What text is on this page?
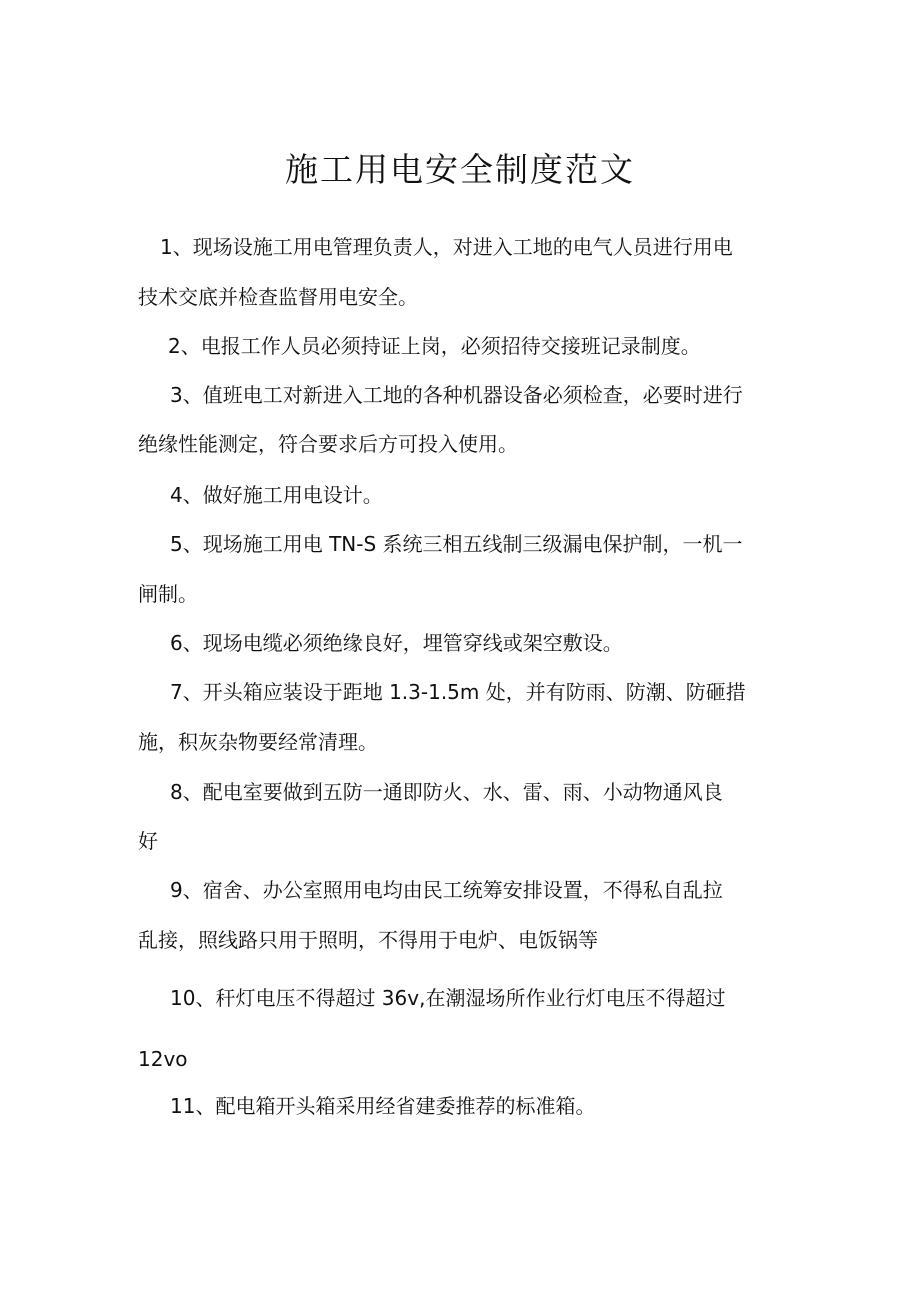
施工用电安全制度范文
1、现场设施工用电管理负责人，对进入工地的电气人员进行用电
技术交底并检查监督用电安全。
2、电报工作人员必须持证上岗，必须招待交接班记录制度。
3、值班电工对新进入工地的各种机器设备必须检查，必要时进行
绝缘性能测定，符合要求后方可投入使用。
4、做好施工用电设计。
5、现场施工用电 TN-S 系统三相五线制三级漏电保护制，一机一
闸制。
6、现场电缆必须绝缘良好，埋管穿线或架空敷设。
7、开头箱应装设于距地 1.3-1.5m 处，并有防雨、防潮、防砸措
施，积灰杂物要经常清理。
8、配电室要做到五防一通即防火、水、雷、雨、小动物通风良
好
9、宿舍、办公室照用电均由民工统筹安排设置，不得私自乱拉
乱接，照线路只用于照明，不得用于电炉、电饭锅等
10、秆灯电压不得超过 36v,在潮湿场所作业行灯电压不得超过
12vo
11、配电箱开头箱采用经省建委推荐的标准箱。
